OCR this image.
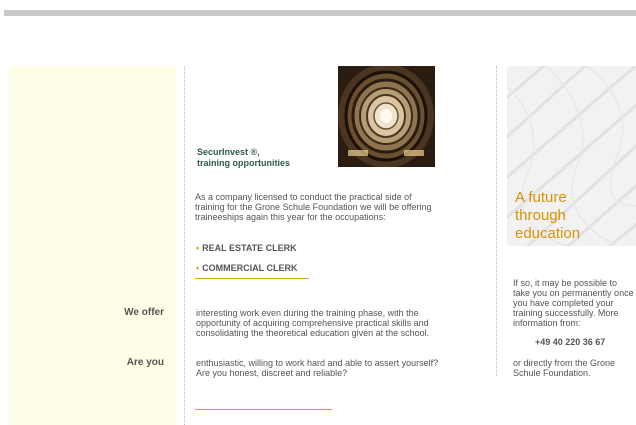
SecurInvest ®,
training opportunities
As a company licensed to conduct the practical side of training for the Grone Schule Foundation we will be offering traineeships again this year for the occupations:
• REAL ESTATE CLERK
• COMMERCIAL CLERK
We offer	interesting work even during the training phase, with the opportunity of acquiring comprehensive practical skills and consolidating the theoretical education given at the school.
Are you	enthusiastic, willing to work hard and able to assert yourself? Are you honest, discreet and reliable?
A future
through
education
If so, it may be possible to take you on permanently once you have completed your training successfully. More information from:
+49 40 220 36 67
or directly from the Grone Schule Foundation.
